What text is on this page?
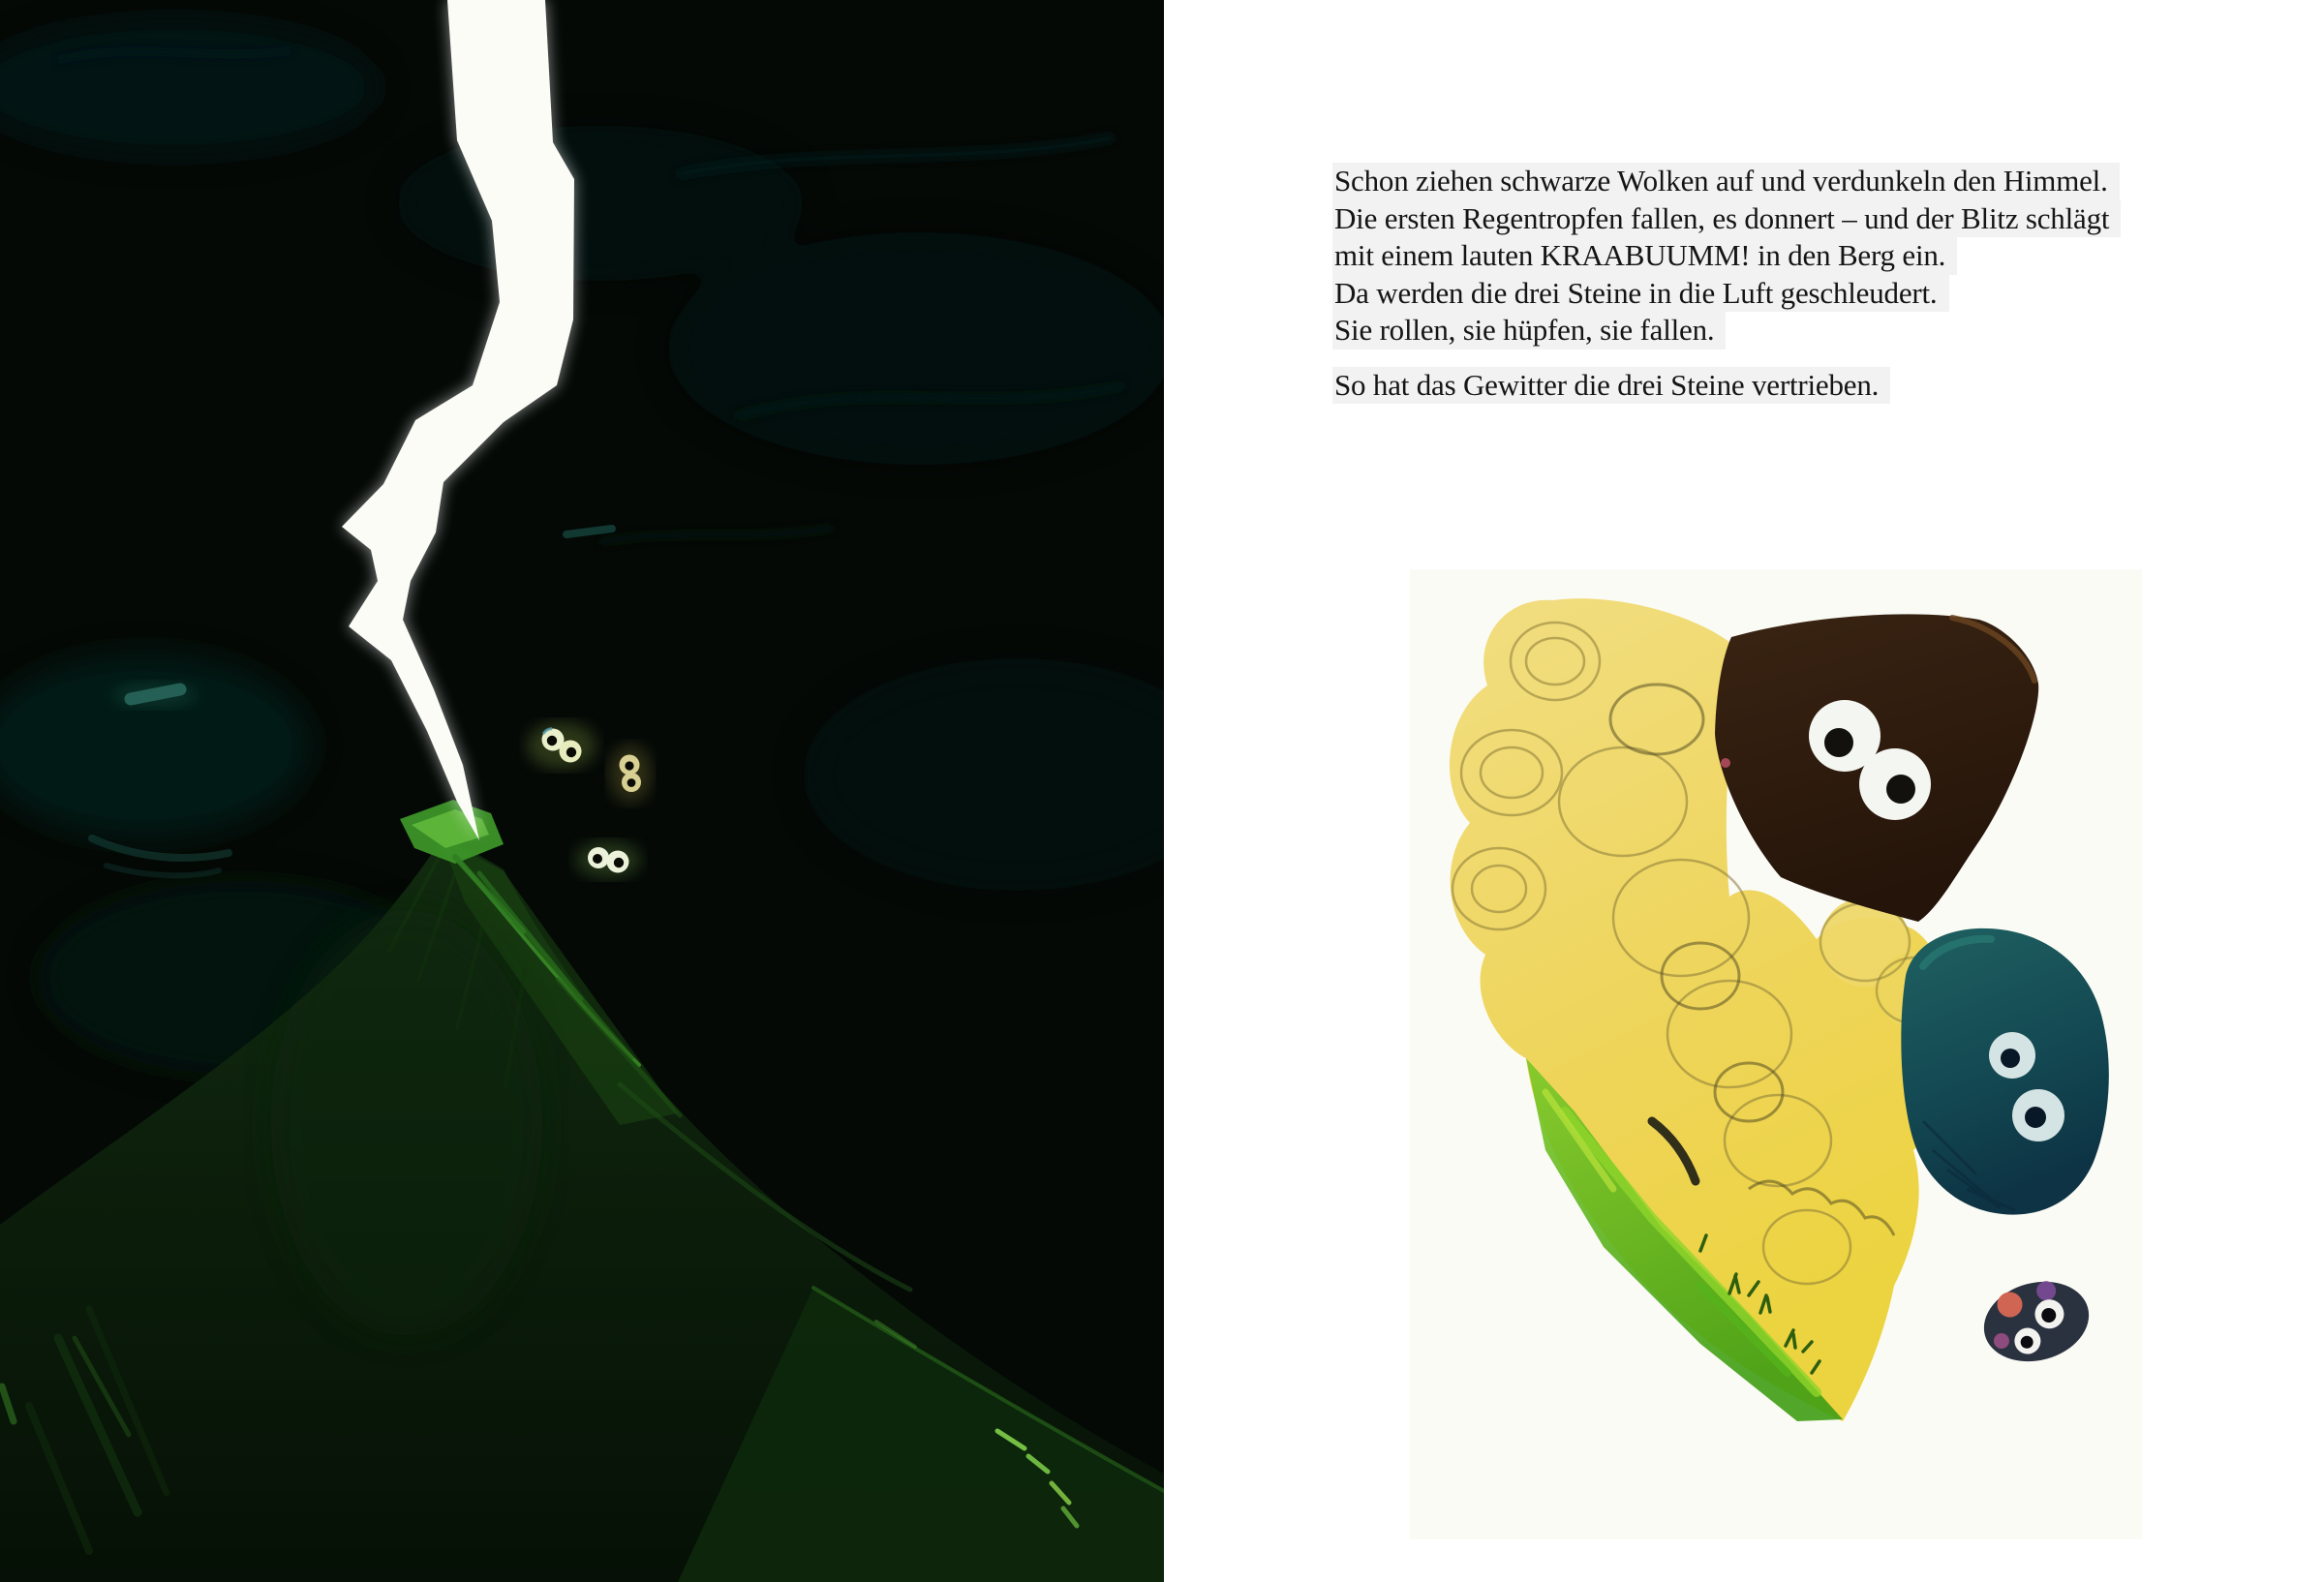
Schon ziehen schwarze Wolken auf und verdunkeln den Himmel.
Die ersten Regentropfen fallen, es donnert – und der Blitz schlägt
mit einem lauten KRAABUUMM! in den Berg ein.
Da werden die drei Steine in die Luft geschleudert.
Sie rollen, sie hüpfen, sie fallen.
So hat das Gewitter die drei Steine vertrieben.
